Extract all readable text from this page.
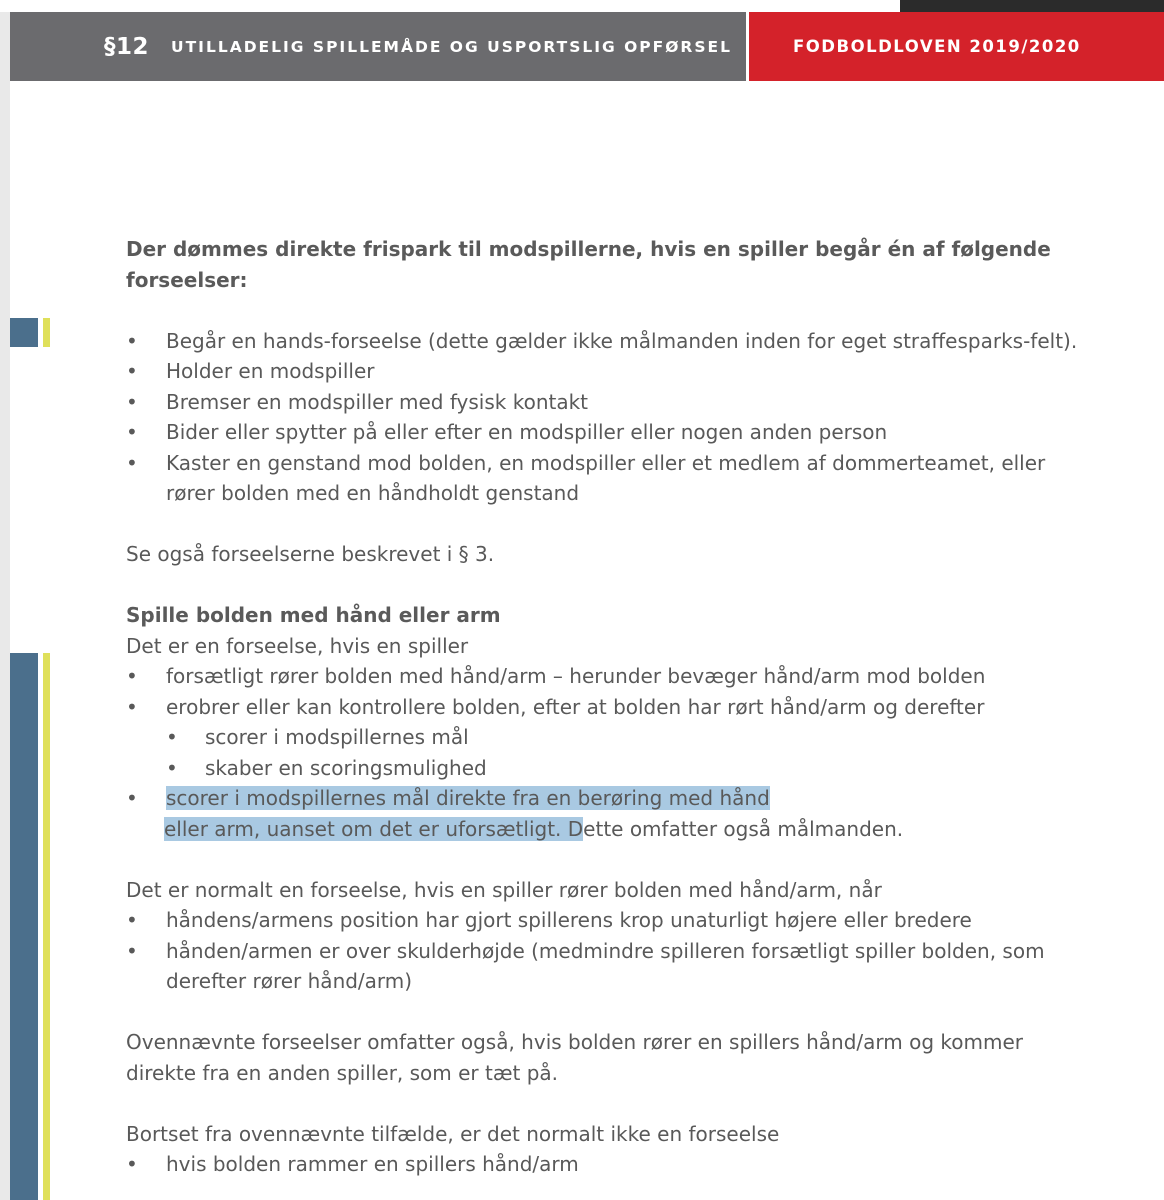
§12 UTILLADELIG SPILLEMÅDE OG USPORTSLIG OPFØRSEL	FODBOLDLOVEN 2019/2020

Der dømmes direkte frispark til modspillerne, hvis en spiller begår én af følgende forseelser:

• Begår en hands-forseelse (dette gælder ikke målmanden inden for eget straffesparks-felt).
• Holder en modspiller
• Bremser en modspiller med fysisk kontakt
• Bider eller spytter på eller efter en modspiller eller nogen anden person
• Kaster en genstand mod bolden, en modspiller eller et medlem af dommerteamet, eller rører bolden med en håndholdt genstand

Se også forseelserne beskrevet i § 3.

Spille bolden med hånd eller arm

Det er en forseelse, hvis en spiller

• forsætligt rører bolden med hånd/arm – herunder bevæger hånd/arm mod bolden
• erobrer eller kan kontrollere bolden, efter at bolden har rørt hånd/arm og derefter
• scorer i modspillernes mål
• skaber en scoringsmulighed
• scorer i modspillernes mål direkte fra en berøring med hånd
eller arm, uanset om det er uforsætligt. Dette omfatter også målmanden.

Det er normalt en forseelse, hvis en spiller rører bolden med hånd/arm, når

• håndens/armens position har gjort spillerens krop unaturligt højere eller bredere
• hånden/armen er over skulderhøjde (medmindre spilleren forsætligt spiller bolden, som derefter rører hånd/arm)

Ovennævnte forseelser omfatter også, hvis bolden rører en spillers hånd/arm og kommer direkte fra en anden spiller, som er tæt på.

Bortset fra ovennævnte tilfælde, er det normalt ikke en forseelse

• hvis bolden rammer en spillers hånd/arm
